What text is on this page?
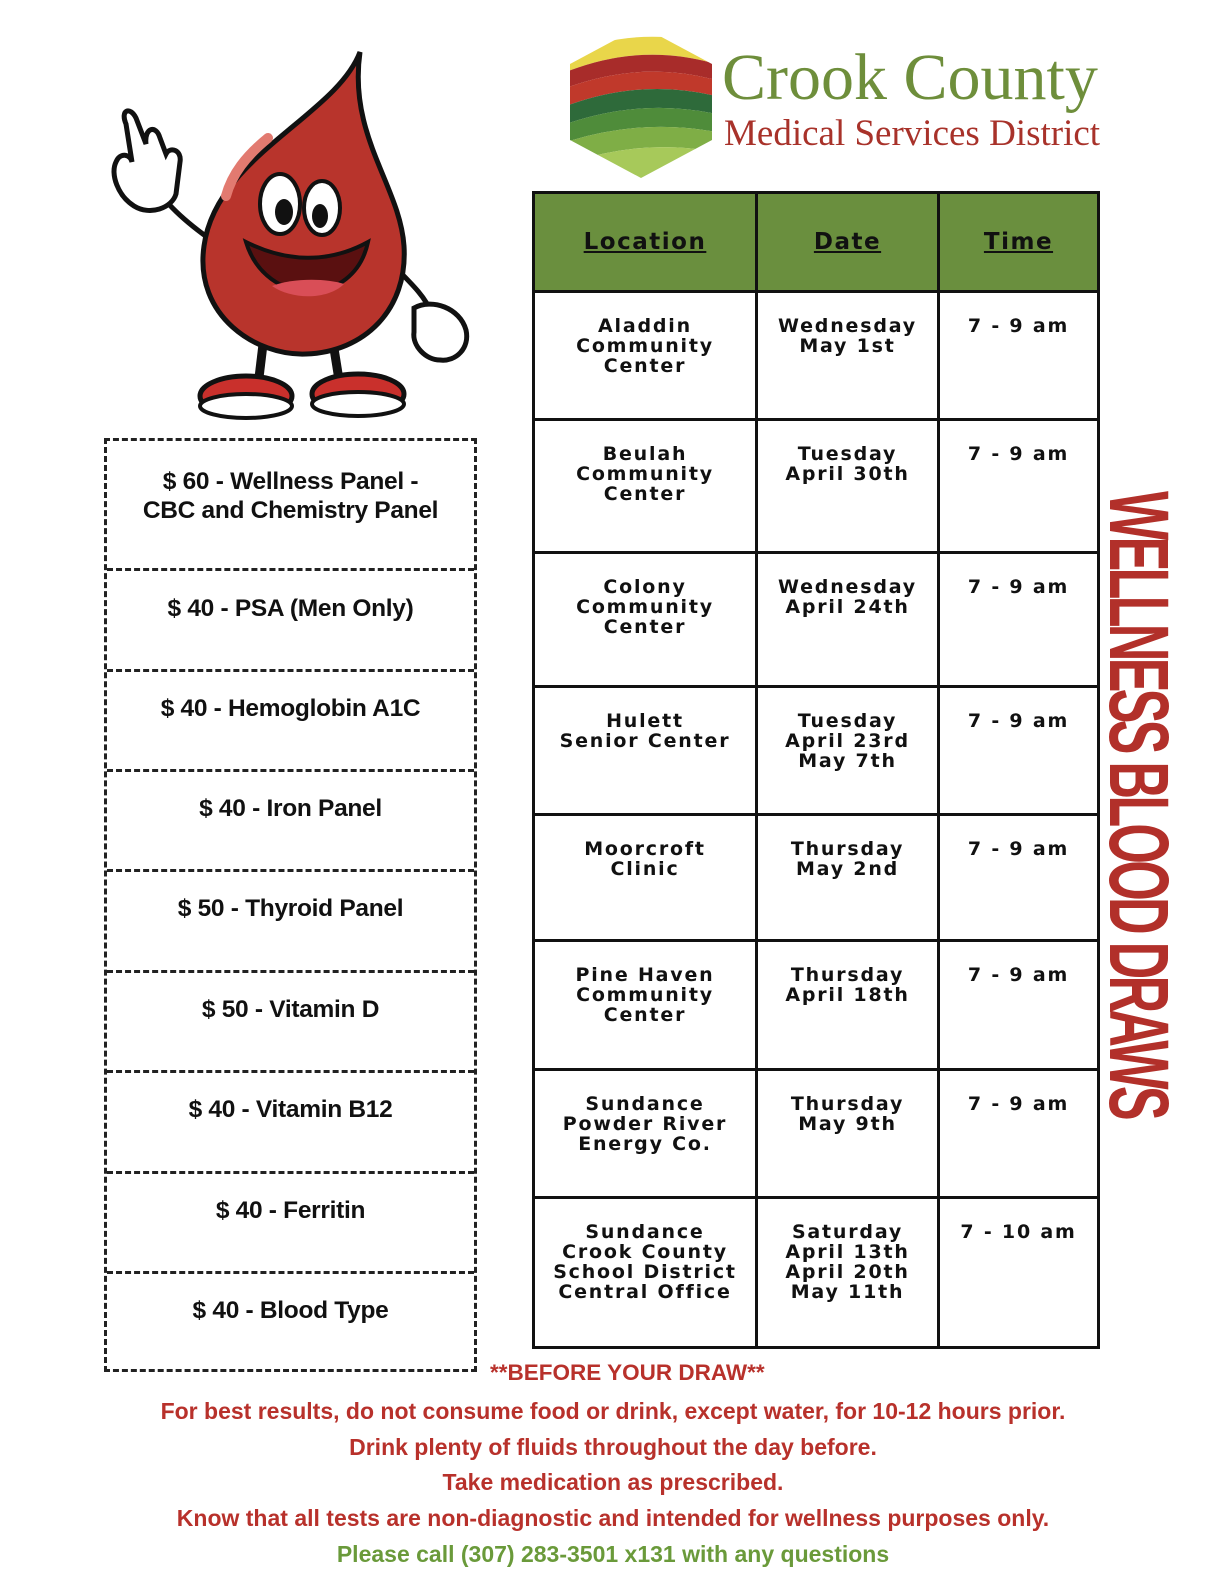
Crook County
Medical Services District
$ 60 - Wellness Panel -
CBC and Chemistry Panel
$ 40 - PSA (Men Only)
$ 40 - Hemoglobin A1C
$ 40 - Iron Panel
$ 50 - Thyroid Panel
$ 50 - Vitamin D
$ 40 - Vitamin B12
$ 40 - Ferritin
$ 40 - Blood Type
Location	Date	Time

Aladdin
Community
Center	Wednesday
May 1st	7 - 9 am

Beulah
Community
Center	Tuesday
April 30th	7 - 9 am

Colony
Community
Center	Wednesday
April 24th	7 - 9 am

Hulett
Senior Center	Tuesday
April 23rd
May 7th	7 - 9 am

Moorcroft
Clinic	Thursday
May 2nd	7 - 9 am

Pine Haven
Community
Center	Thursday
April 18th	7 - 9 am

Sundance
Powder River
Energy Co.	Thursday
May 9th	7 - 9 am

Sundance
Crook County
School District
Central Office	Saturday
April 13th
April 20th
May 11th	7 - 10 am
WELLNESS BLOOD DRAWS
**BEFORE YOUR DRAW**
For best results, do not consume food or drink, except water, for 10-12 hours prior.
Drink plenty of fluids throughout the day before.
Take medication as prescribed.
Know that all tests are non-diagnostic and intended for wellness purposes only.
Please call (307) 283-3501 x131 with any questions
